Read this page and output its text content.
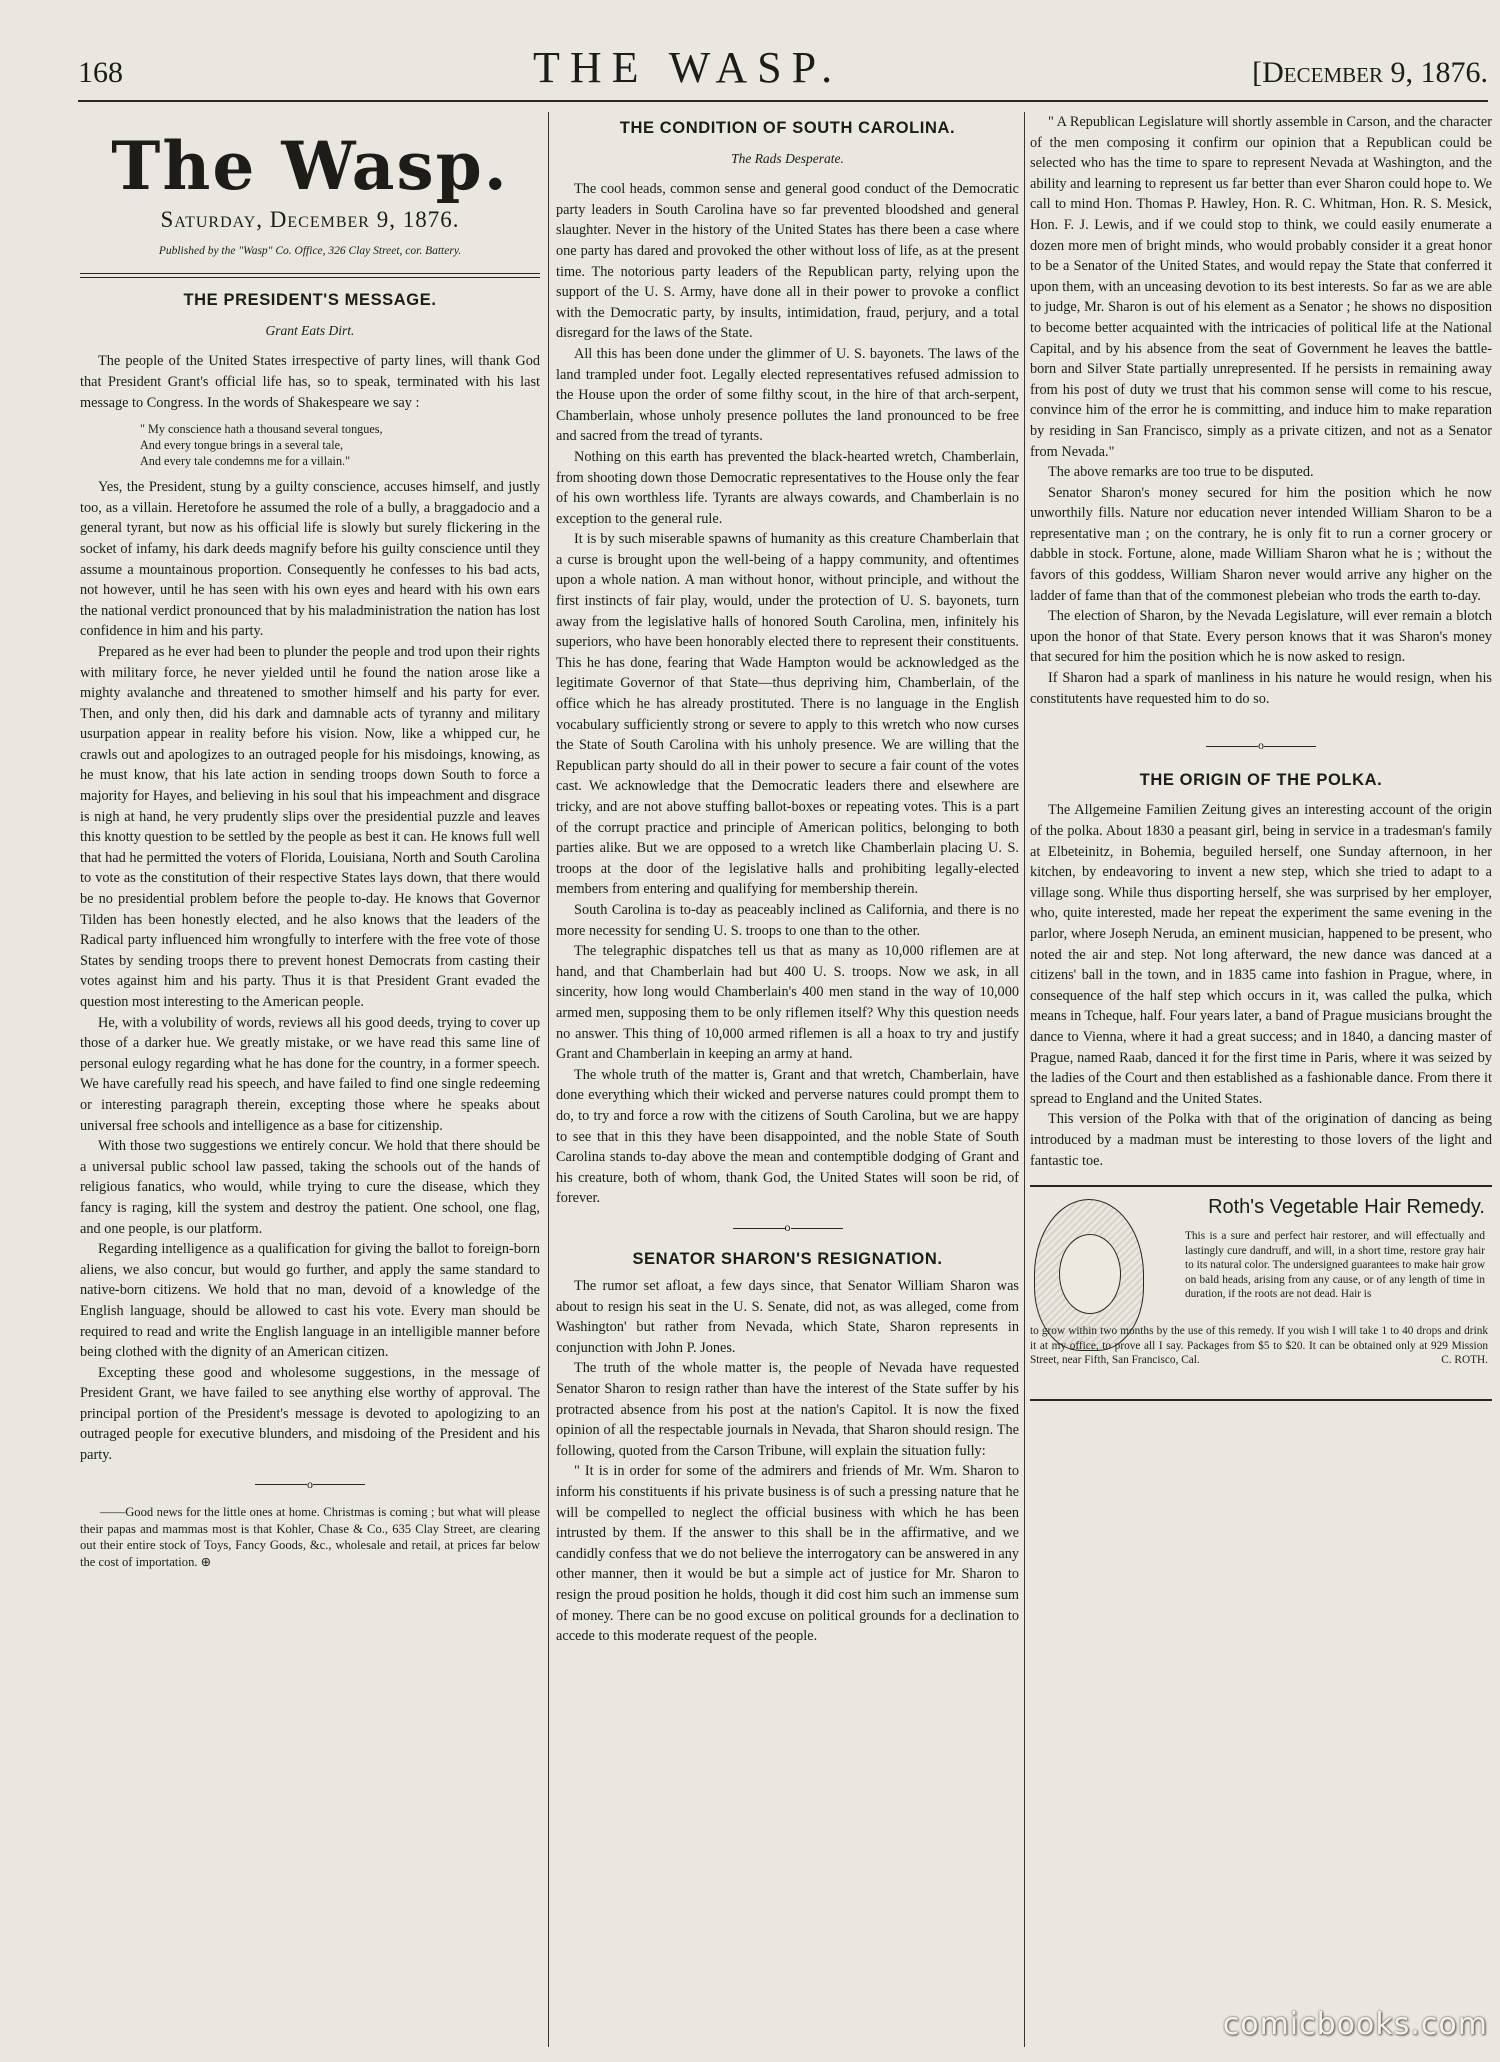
168	THE WASP.	[December 9, 1876.
The Wasp.
Saturday, December 9, 1876.
Published by the "Wasp" Co. Office, 326 Clay Street, cor. Battery.
THE PRESIDENT'S MESSAGE.
Grant Eats Dirt.

The people of the United States irrespective of party lines, will thank God that President Grant's official life has, so to speak, terminated with his last message to Congress. In the words of Shakespeare we say :

" My conscience hath a thousand several tongues,
And every tongue brings in a several tale,
And every tale condemns me for a villain."

Yes, the President, stung by a guilty conscience, accuses himself, and justly too, as a villain. Heretofore he assumed the role of a bully, a braggadocio and a general tyrant, but now as his official life is slowly but surely flickering in the socket of infamy, his dark deeds magnify before his guilty conscience until they assume a mountainous proportion. Consequently he confesses to his bad acts, not however, until he has seen with his own eyes and heard with his own ears the national verdict pronounced that by his maladministration the nation has lost confidence in him and his party.

Prepared as he ever had been to plunder the people and trod upon their rights with military force, he never yielded until he found the nation arose like a mighty avalanche and threatened to smother himself and his party for ever. Then, and only then, did his dark and damnable acts of tyranny and military usurpation appear in reality before his vision. Now, like a whipped cur, he crawls out and apologizes to an outraged people for his misdoings, knowing, as he must know, that his late action in sending troops down South to force a majority for Hayes, and believing in his soul that his impeachment and disgrace is nigh at hand, he very prudently slips over the presidential puzzle and leaves this knotty question to be settled by the people as best it can. He knows full well that had he permitted the voters of Florida, Louisiana, North and South Carolina to vote as the constitution of their respective States lays down, that there would be no presidential problem before the people to-day. He knows that Governor Tilden has been honestly elected, and he also knows that the leaders of the Radical party influenced him wrongfully to interfere with the free vote of those States by sending troops there to prevent honest Democrats from casting their votes against him and his party. Thus it is that President Grant evaded the question most interesting to the American people.

He, with a volubility of words, reviews all his good deeds, trying to cover up those of a darker hue. We greatly mistake, or we have read this same line of personal eulogy regarding what he has done for the country, in a former speech. We have carefully read his speech, and have failed to find one single redeeming or interesting paragraph therein, excepting those where he speaks about universal free schools and intelligence as a base for citizenship.

With those two suggestions we entirely concur. We hold that there should be a universal public school law passed, taking the schools out of the hands of religious fanatics, who would, while trying to cure the disease, which they fancy is raging, kill the system and destroy the patient. One school, one flag, and one people, is our platform.

Regarding intelligence as a qualification for giving the ballot to foreign-born aliens, we also concur, but would go further, and apply the same standard to native-born citizens. We hold that no man, devoid of a knowledge of the English language, should be allowed to cast his vote. Every man should be required to read and write the English language in an intelligible manner before being clothed with the dignity of an American citizen.

Excepting these good and wholesome suggestions, in the message of President Grant, we have failed to see anything else worthy of approval. The principal portion of the President's message is devoted to apologizing to an outraged people for executive blunders, and misdoing of the President and his party.

o

——Good news for the little ones at home. Christmas is coming ; but what will please their papas and mammas most is that Kohler, Chase & Co., 635 Clay Street, are clearing out their entire stock of Toys, Fancy Goods, &c., wholesale and retail, at prices far below the cost of importation. ⊕

THE CONDITION OF SOUTH CAROLINA.
The Rads Desperate.

The cool heads, common sense and general good conduct of the Democratic party leaders in South Carolina have so far prevented bloodshed and general slaughter. Never in the history of the United States has there been a case where one party has dared and provoked the other without loss of life, as at the present time. The notorious party leaders of the Republican party, relying upon the support of the U. S. Army, have done all in their power to provoke a conflict with the Democratic party, by insults, intimidation, fraud, perjury, and a total disregard for the laws of the State.

All this has been done under the glimmer of U. S. bayonets. The laws of the land trampled under foot. Legally elected representatives refused admission to the House upon the order of some filthy scout, in the hire of that arch-serpent, Chamberlain, whose unholy presence pollutes the land pronounced to be free and sacred from the tread of tyrants.

Nothing on this earth has prevented the black-hearted wretch, Chamberlain, from shooting down those Democratic representatives to the House only the fear of his own worthless life. Tyrants are always cowards, and Chamberlain is no exception to the general rule.

It is by such miserable spawns of humanity as this creature Chamberlain that a curse is brought upon the well-being of a happy community, and oftentimes upon a whole nation. A man without honor, without principle, and without the first instincts of fair play, would, under the protection of U. S. bayonets, turn away from the legislative halls of honored South Carolina, men, infinitely his superiors, who have been honorably elected there to represent their constituents. This he has done, fearing that Wade Hampton would be acknowledged as the legitimate Governor of that State—thus depriving him, Chamberlain, of the office which he has already prostituted. There is no language in the English vocabulary sufficiently strong or severe to apply to this wretch who now curses the State of South Carolina with his unholy presence. We are willing that the Republican party should do all in their power to secure a fair count of the votes cast. We acknowledge that the Democratic leaders there and elsewhere are tricky, and are not above stuffing ballot-boxes or repeating votes. This is a part of the corrupt practice and principle of American politics, belonging to both parties alike. But we are opposed to a wretch like Chamberlain placing U. S. troops at the door of the legislative halls and prohibiting legally-elected members from entering and qualifying for membership therein.

South Carolina is to-day as peaceably inclined as California, and there is no more necessity for sending U. S. troops to one than to the other.

The telegraphic dispatches tell us that as many as 10,000 riflemen are at hand, and that Chamberlain had but 400 U. S. troops. Now we ask, in all sincerity, how long would Chamberlain's 400 men stand in the way of 10,000 armed men, supposing them to be only riflemen itself? Why this question needs no answer. This thing of 10,000 armed riflemen is all a hoax to try and justify Grant and Chamberlain in keeping an army at hand.

The whole truth of the matter is, Grant and that wretch, Chamberlain, have done everything which their wicked and perverse natures could prompt them to do, to try and force a row with the citizens of South Carolina, but we are happy to see that in this they have been disappointed, and the noble State of South Carolina stands to-day above the mean and contemptible dodging of Grant and his creature, both of whom, thank God, the United States will soon be rid, of forever.

o
SENATOR SHARON'S RESIGNATION.

The rumor set afloat, a few days since, that Senator William Sharon was about to resign his seat in the U. S. Senate, did not, as was alleged, come from Washington' but rather from Nevada, which State, Sharon represents in conjunction with John P. Jones.

The truth of the whole matter is, the people of Nevada have requested Senator Sharon to resign rather than have the interest of the State suffer by his protracted absence from his post at the nation's Capitol. It is now the fixed opinion of all the respectable journals in Nevada, that Sharon should resign. The following, quoted from the Carson Tribune, will explain the situation fully:

" It is in order for some of the admirers and friends of Mr. Wm. Sharon to inform his constituents if his private business is of such a pressing nature that he will be compelled to neglect the official business with which he has been intrusted by them. If the answer to this shall be in the affirmative, and we candidly confess that we do not believe the interrogatory can be answered in any other manner, then it would be but a simple act of justice for Mr. Sharon to resign the proud position he holds, though it did cost him such an immense sum of money. There can be no good excuse on political grounds for a declination to accede to this moderate request of the people.

" A Republican Legislature will shortly assemble in Carson, and the character of the men composing it confirm our opinion that a Republican could be selected who has the time to spare to represent Nevada at Washington, and the ability and learning to represent us far better than ever Sharon could hope to. We call to mind Hon. Thomas P. Hawley, Hon. R. C. Whitman, Hon. R. S. Mesick, Hon. F. J. Lewis, and if we could stop to think, we could easily enumerate a dozen more men of bright minds, who would probably consider it a great honor to be a Senator of the United States, and would repay the State that conferred it upon them, with an unceasing devotion to its best interests. So far as we are able to judge, Mr. Sharon is out of his element as a Senator ; he shows no disposition to become better acquainted with the intricacies of political life at the National Capital, and by his absence from the seat of Government he leaves the battle-born and Silver State partially unrepresented. If he persists in remaining away from his post of duty we trust that his common sense will come to his rescue, convince him of the error he is committing, and induce him to make reparation by residing in San Francisco, simply as a private citizen, and not as a Senator from Nevada."

The above remarks are too true to be disputed.

Senator Sharon's money secured for him the position which he now unworthily fills. Nature nor education never intended William Sharon to be a representative man ; on the contrary, he is only fit to run a corner grocery or dabble in stock. Fortune, alone, made William Sharon what he is ; without the favors of this goddess, William Sharon never would arrive any higher on the ladder of fame than that of the commonest plebeian who trods the earth to-day.

The election of Sharon, by the Nevada Legislature, will ever remain a blotch upon the honor of that State. Every person knows that it was Sharon's money that secured for him the position which he is now asked to resign.

If Sharon had a spark of manliness in his nature he would resign, when his constitutents have requested him to do so.

o
THE ORIGIN OF THE POLKA.

The Allgemeine Familien Zeitung gives an interesting account of the origin of the polka. About 1830 a peasant girl, being in service in a tradesman's family at Elbeteinitz, in Bohemia, beguiled herself, one Sunday afternoon, in her kitchen, by endeavoring to invent a new step, which she tried to adapt to a village song. While thus disporting herself, she was surprised by her employer, who, quite interested, made her repeat the experiment the same evening in the parlor, where Joseph Neruda, an eminent musician, happened to be present, who noted the air and step. Not long afterward, the new dance was danced at a citizens' ball in the town, and in 1835 came into fashion in Prague, where, in consequence of the half step which occurs in it, was called the pulka, which means in Tcheque, half. Four years later, a band of Prague musicians brought the dance to Vienna, where it had a great success; and in 1840, a dancing master of Prague, named Raab, danced it for the first time in Paris, where it was seized by the ladies of the Court and then established as a fashionable dance. From there it spread to England and the United States.

This version of the Polka with that of the origination of dancing as being introduced by a madman must be interesting to those lovers of the light and fantastic toe.

Roth's Vegetable Hair Remedy.
This is a sure and perfect hair restorer, and will effectually and lastingly cure dandruff, and will, in a short time, restore gray hair to its natural color. The undersigned guarantees to make hair grow on bald heads, arising from any cause, or of any length of time in duration, if the roots are not dead. Hair is
to grow within two months by the use of this remedy. If you wish I will take 1 to 40 drops and drink it at my office, to prove all I say. Packages from $5 to $20. It can be obtained only at 929 Mission Street, near Fifth, San Francisco, Cal.	C. ROTH.
comicbooks.com
